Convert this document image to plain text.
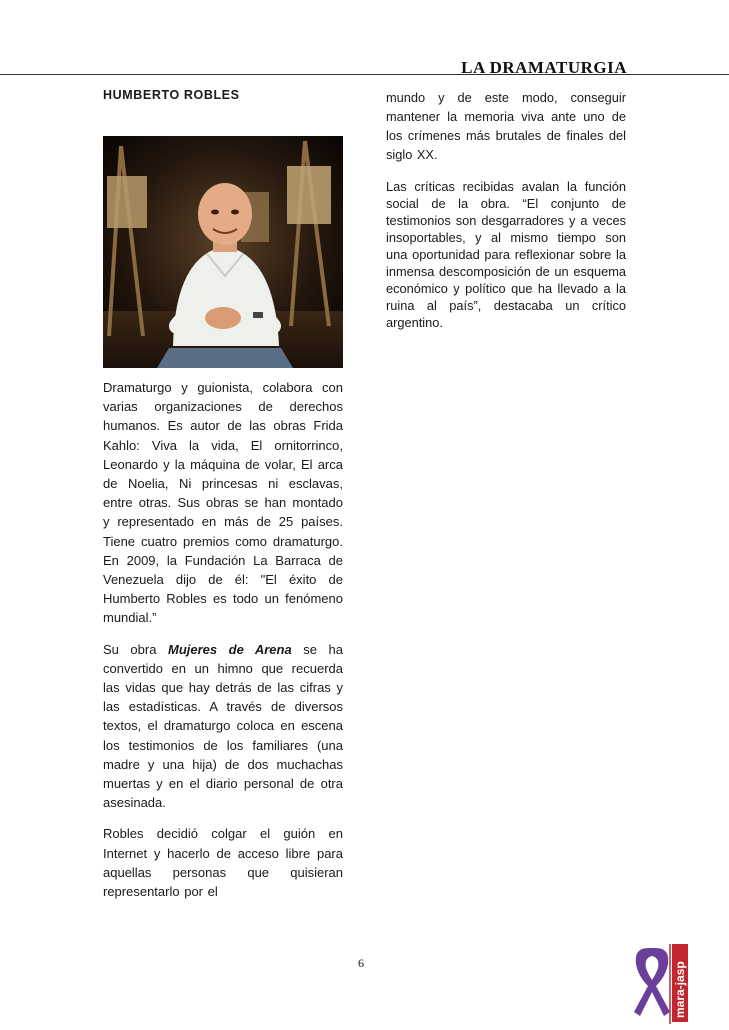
LA DRAMATURGIA
HUMBERTO ROBLES

Dramaturgo y guionista, colabora con varias organizaciones de derechos humanos. Es autor de las obras Frida Kahlo: Viva la vida, El ornitorrinco, Leonardo y la máquina de volar, El arca de Noelia, Ni princesas ni esclavas, entre otras. Sus obras se han montado y representado en más de 25 países. Tiene cuatro premios como dramaturgo. En 2009, la Fundación La Barraca de Venezuela dijo de él: "El éxito de Humberto Robles es todo un fenómeno mundial.”

Su obra Mujeres de Arena se ha convertido en un himno que recuerda las vidas que hay detrás de las cifras y las estadísticas. A través de diversos textos, el dramaturgo coloca en escena los testimonios de los familiares (una madre y una hija) de dos muchachas muertas y en el diario personal de otra asesinada.

Robles decidió colgar el guión en Internet y hacerlo de acceso libre para aquellas personas que quisieran representarlo por el

mundo y de este modo, conseguir mantener la memoria viva ante uno de los crímenes más brutales de finales del siglo XX.

Las críticas recibidas avalan la función social de la obra. “El conjunto de testimonios son desgarradores y a veces insoportables, y al mismo tiempo son una oportunidad para reflexionar sobre la inmensa descomposición de un esquema económico y político que ha llevado a la ruina al país”, destacaba un crítico argentino.

6	mara-jasp
